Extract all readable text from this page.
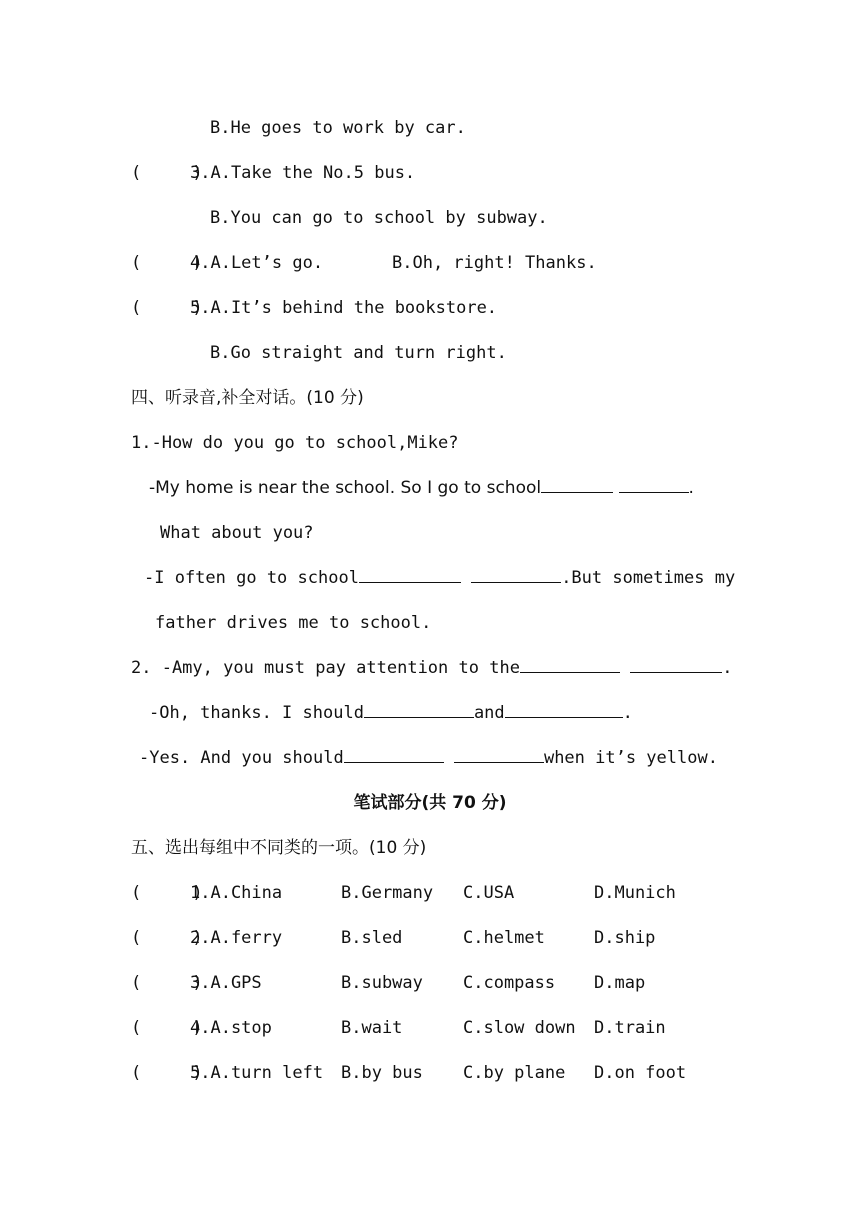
B.He goes to work by car.
(     )
3.A.Take the No.5 bus.
B.You can go to school by subway.
(     )
4.A.Let’s go.	B.Oh, right! Thanks.
(     )
5.A.It’s behind the bookstore.
B.Go straight and turn right.
四、听录音,补全对话。(10 分)
1.-How do you go to school,Mike?
-My home is near the school. So I go to school	.
What about you?
-I often go to school	.But sometimes my
father drives me to school.
2. -Amy, you must pay attention to the	.
-Oh, thanks. I should	and	.
-Yes. And you should	when it’s yellow.
笔试部分(共 70 分)
五、选出每组中不同类的一项。(10 分)
(     )
1.A.China	B.Germany C.USA	D.Munich
(     )
2.A.ferry	B.sled	C.helmet	D.ship
(     )
3.A.GPS	B.subway C.compass D.map
(     )
4.A.stop	B.wait	C.slow down D.train
(     )
5.A.turn left B.by bus C.by plane D.on foot
